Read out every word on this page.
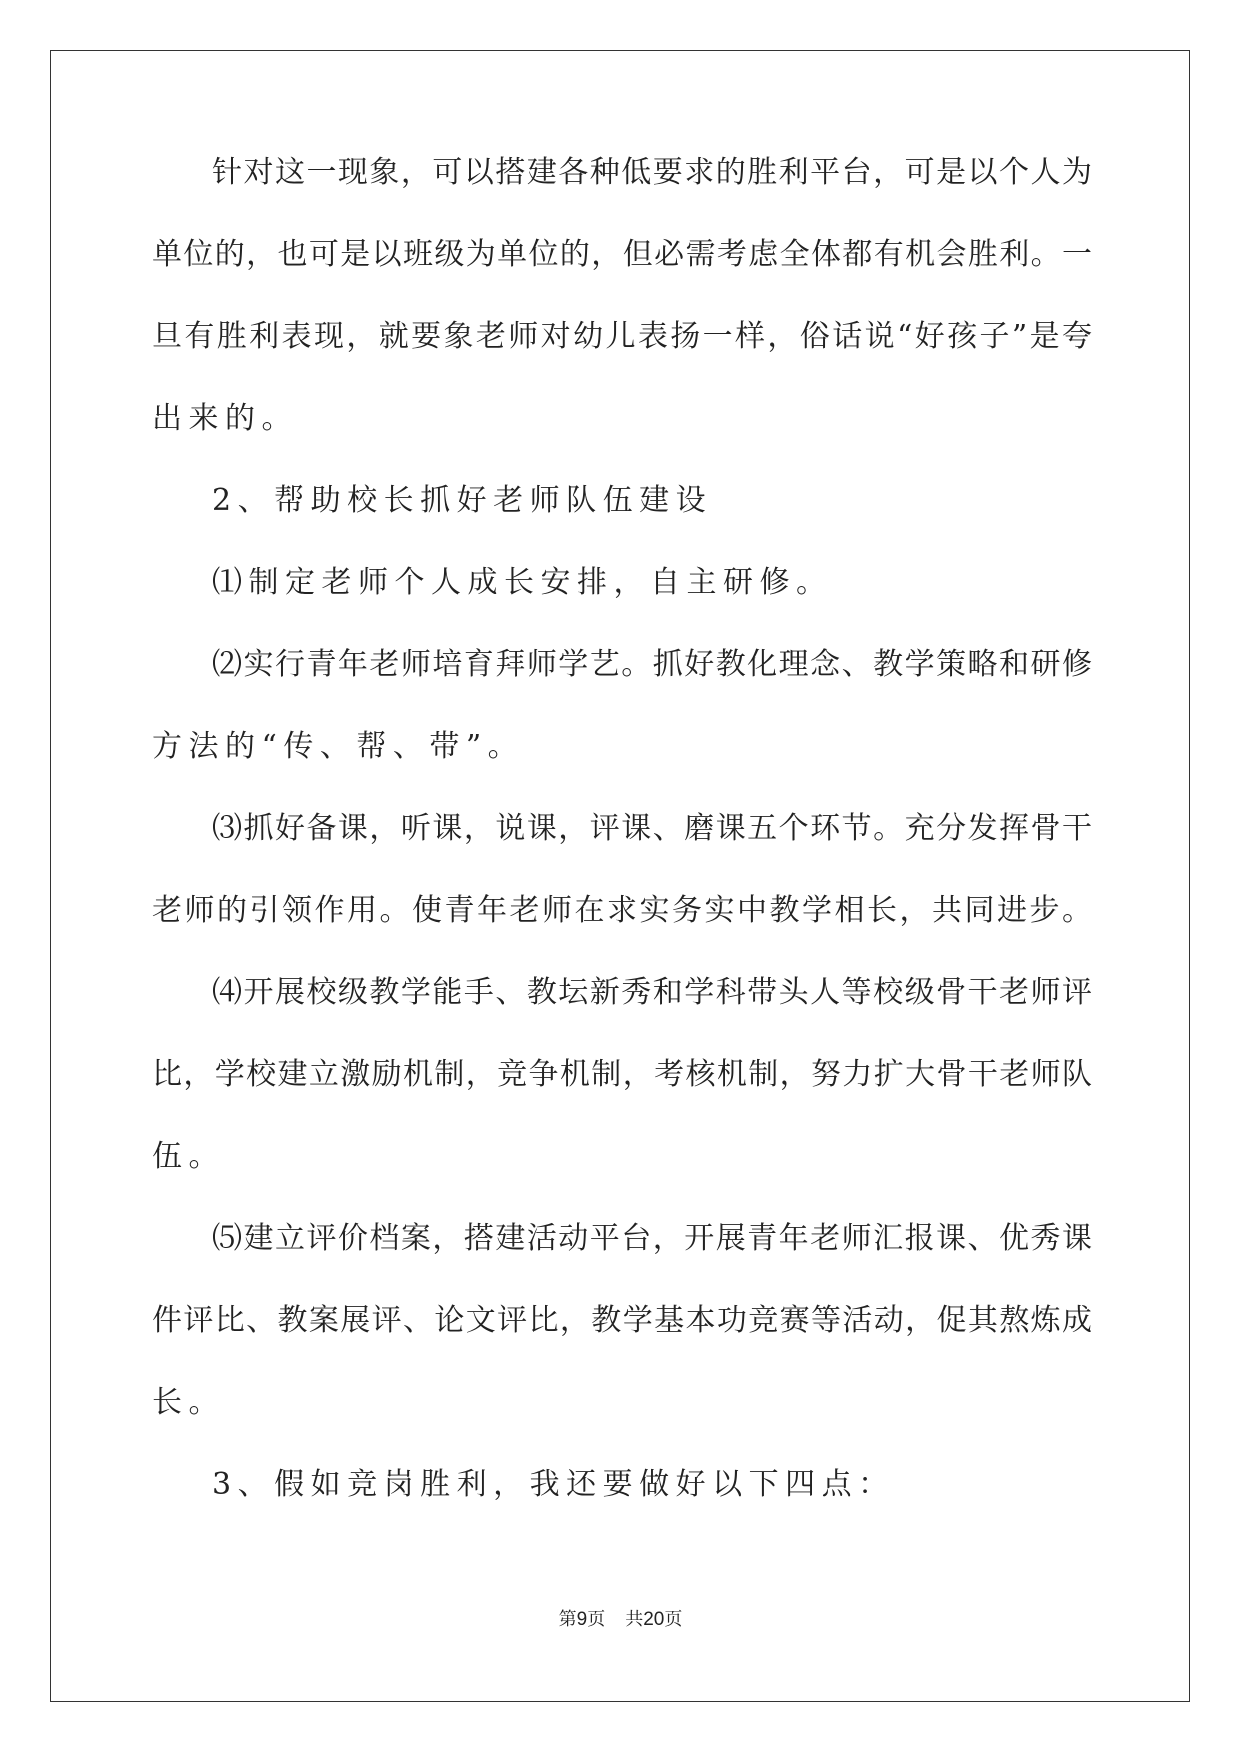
针对这一现象，可以搭建各种低要求的胜利平台，可是以个人为
单位的，也可是以班级为单位的，但必需考虑全体都有机会胜利。一
旦有胜利表现，就要象老师对幼儿表扬一样，俗话说“好孩子”是夸
出来的。
2、帮助校长抓好老师队伍建设
⑴制定老师个人成长安排，自主研修。
⑵实行青年老师培育拜师学艺。抓好教化理念、教学策略和研修
方法的“传、帮、带”。
⑶抓好备课，听课，说课，评课、磨课五个环节。充分发挥骨干
老师的引领作用。使青年老师在求实务实中教学相长，共同进步。
⑷开展校级教学能手、教坛新秀和学科带头人等校级骨干老师评
比，学校建立激励机制，竞争机制，考核机制，努力扩大骨干老师队
伍。
⑸建立评价档案，搭建活动平台，开展青年老师汇报课、优秀课
件评比、教案展评、论文评比，教学基本功竞赛等活动，促其熬炼成
长。
3、假如竞岗胜利，我还要做好以下四点：
第9页 共20页
